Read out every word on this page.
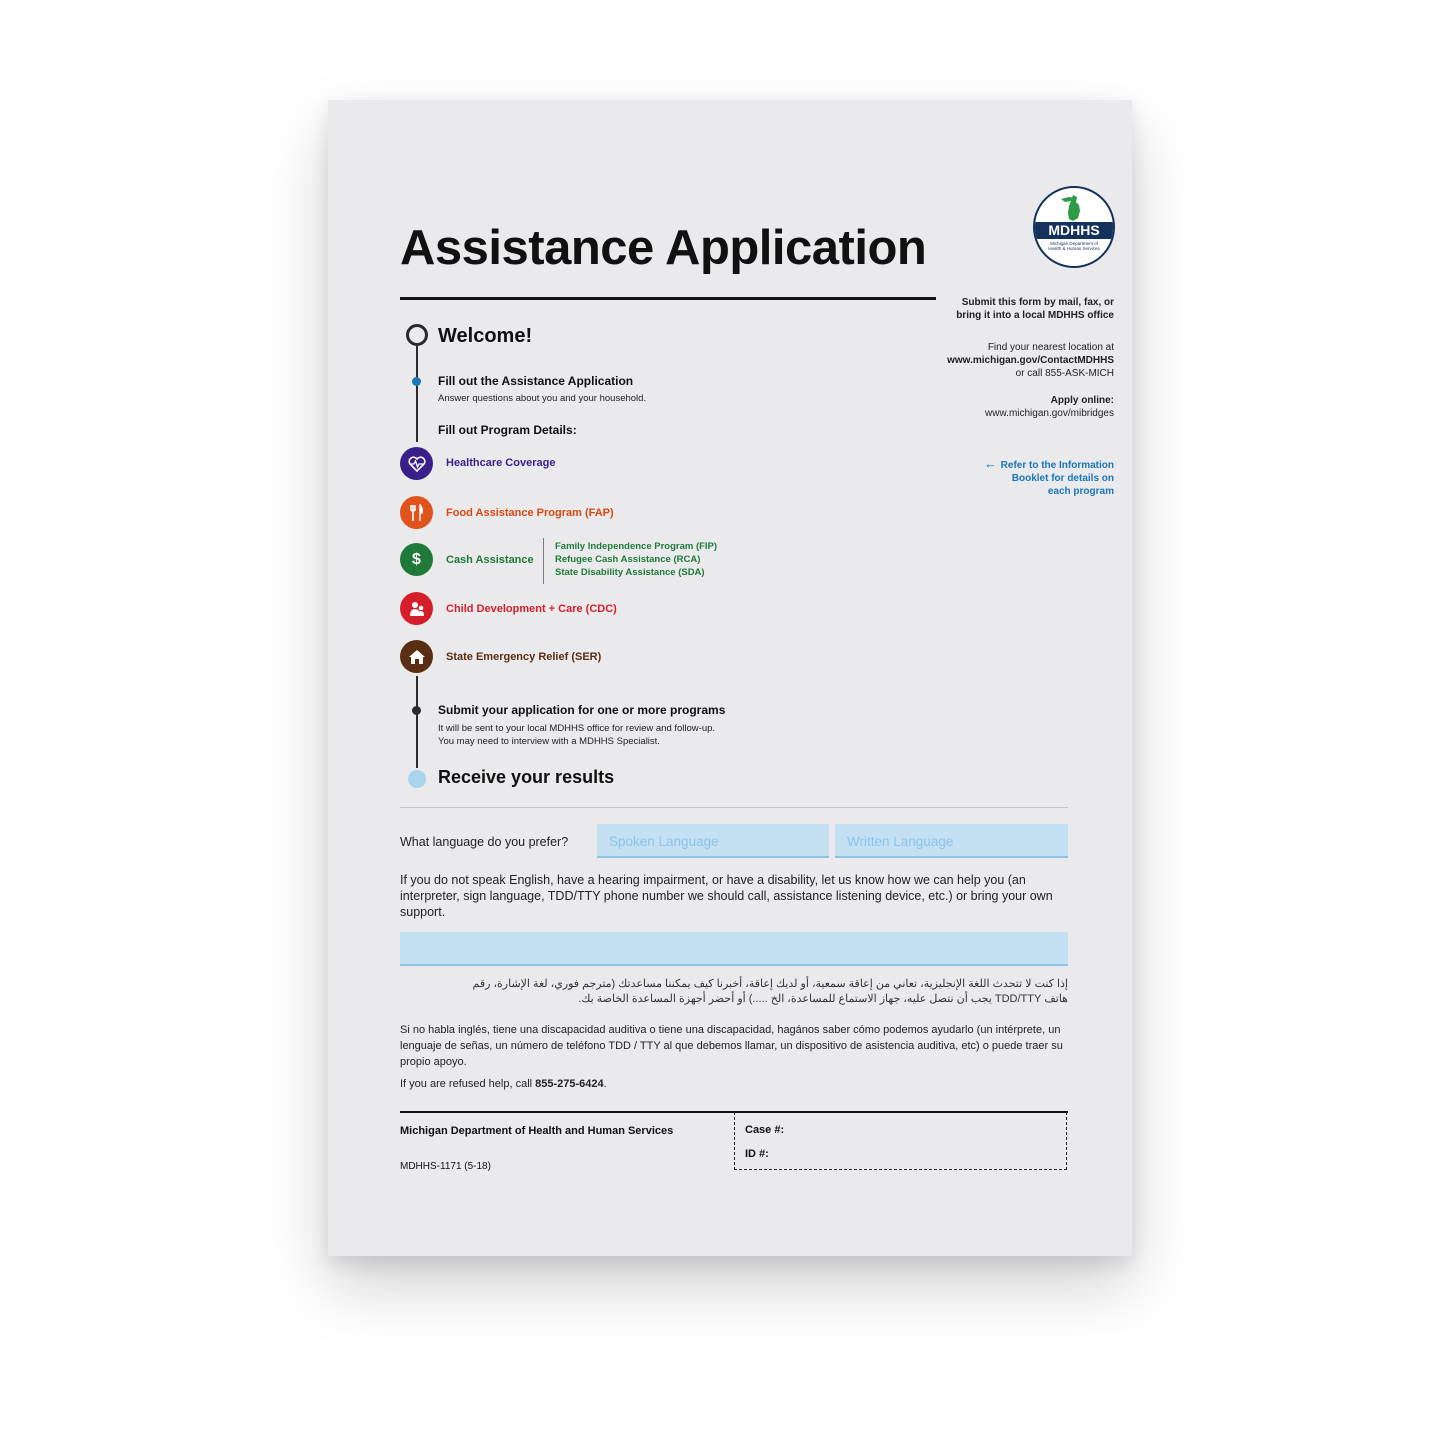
Assistance Application	MDHHS
Michigan Department of Health & Human Services
Submit this form by mail, fax, or
bring it into a local MDHHS office
Find your nearest location at
www.michigan.gov/ContactMDHHS
or call 855-ASK-MICH
Apply online:
www.michigan.gov/mibridges
← Refer to the Information
Booklet for details on
each program
Welcome!
Fill out the Assistance Application
Answer questions about you and your household.
Fill out Program Details:
Healthcare Coverage
Food Assistance Program (FAP)
$	Cash Assistance
Family Independence Program (FIP)
Refugee Cash Assistance (RCA)
State Disability Assistance (SDA)
Child Development + Care (CDC)
State Emergency Relief (SER)
Submit your application for one or more programs
It will be sent to your local MDHHS office for review and follow-up.
You may need to interview with a MDHHS Specialist.
Receive your results
What language do you prefer?	Spoken Language	Written Language
If you do not speak English, have a hearing impairment, or have a disability, let us know how we can help you (an interpreter, sign language, TDD/TTY phone number we should call, assistance listening device, etc.) or bring your own support.
إذا كنت لا تتحدث اللغة الإنجليزية، تعاني من إعاقة سمعية، أو لديك إعاقة، أخبرنا كيف يمكننا مساعدتك (مترجم فوري، لغة الإشارة، رقم هاتف TDD/TTY يجب أن نتصل عليه، جهاز الاستماع للمساعدة، الخ .....) أو أحضر أجهزة المساعدة الخاصة بك.
Si no habla inglés, tiene una discapacidad auditiva o tiene una discapacidad, hagános saber cómo podemos ayudarlo (un intérprete, un lenguaje de señas, un número de teléfono TDD / TTY al que debemos llamar, un dispositivo de asistencia auditiva, etc) o puede traer su propio apoyo.
If you are refused help, call 855-275-6424.
Michigan Department of Health and Human Services
MDHHS-1171 (5-18)
Case #:
ID #:
